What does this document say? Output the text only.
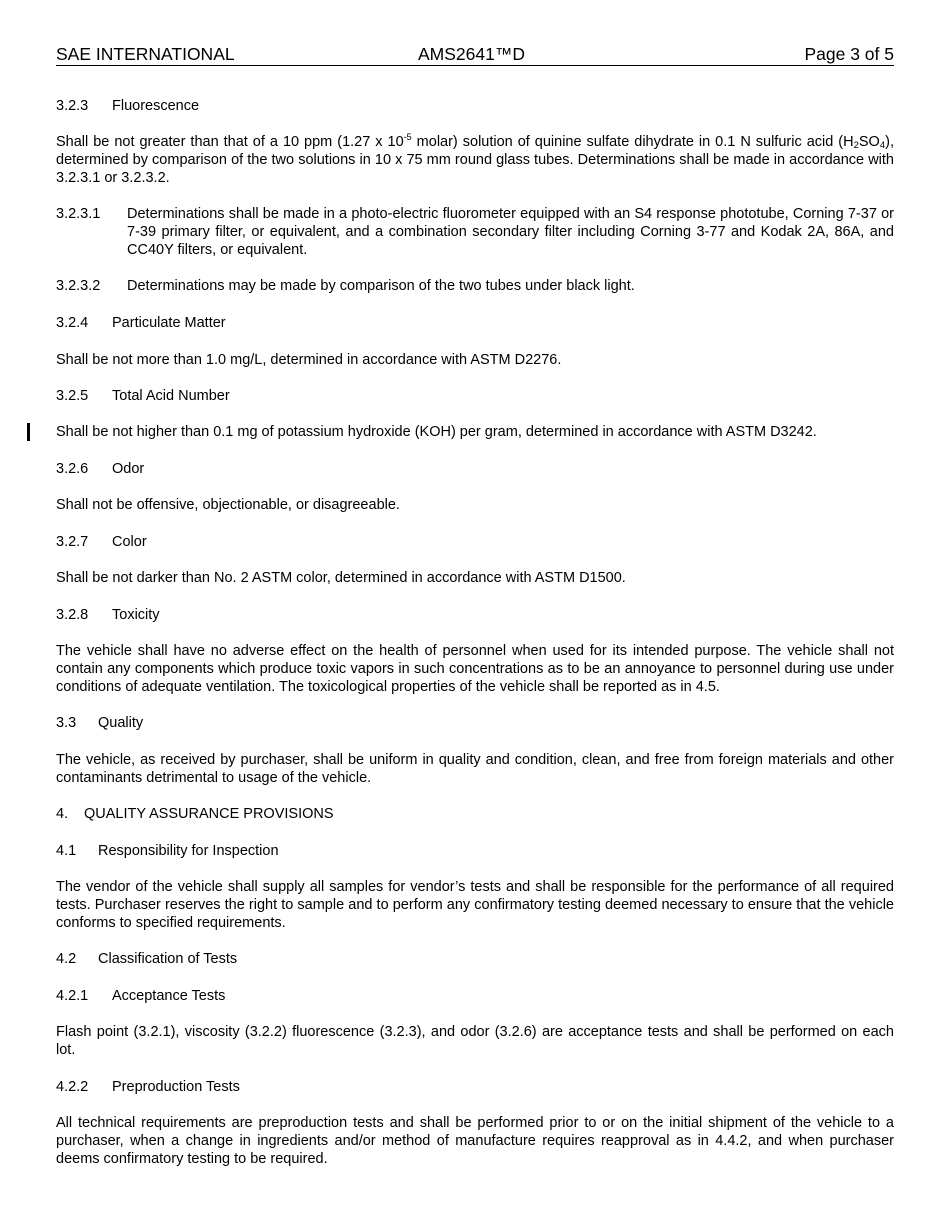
SAE INTERNATIONAL	AMS2641™D	Page 3 of 5
3.2.3 Fluorescence
Shall be not greater than that of a 10 ppm (1.27 x $10^{-5}$ molar) solution of quinine sulfate dihydrate in 0.1 N sulfuric acid $(H_2SO_4)$, determined by comparison of the two solutions in 10 x 75 mm round glass tubes. Determinations shall be made in accordance with 3.2.3.1 or 3.2.3.2.
3.2.3.1 Determinations shall be made in a photo-electric fluorometer equipped with an S4 response phototube, Corning 7-37 or 7-39 primary filter, or equivalent, and a combination secondary filter including Corning 3-77 and Kodak 2A, 86A, and CC40Y filters, or equivalent.
3.2.3.2 Determinations may be made by comparison of the two tubes under black light.
3.2.4 Particulate Matter
Shall be not more than 1.0 mg/L, determined in accordance with ASTM D2276.
3.2.5 Total Acid Number
Shall be not higher than 0.1 mg of potassium hydroxide (KOH) per gram, determined in accordance with ASTM D3242.
3.2.6 Odor
Shall not be offensive, objectionable, or disagreeable.
3.2.7 Color
Shall be not darker than No. 2 ASTM color, determined in accordance with ASTM D1500.
3.2.8 Toxicity
The vehicle shall have no adverse effect on the health of personnel when used for its intended purpose. The vehicle shall not contain any components which produce toxic vapors in such concentrations as to be an annoyance to personnel during use under conditions of adequate ventilation. The toxicological properties of the vehicle shall be reported as in 4.5.
3.3 Quality
The vehicle, as received by purchaser, shall be uniform in quality and condition, clean, and free from foreign materials and other contaminants detrimental to usage of the vehicle.
4. QUALITY ASSURANCE PROVISIONS
4.1 Responsibility for Inspection
The vendor of the vehicle shall supply all samples for vendor’s tests and shall be responsible for the performance of all required tests. Purchaser reserves the right to sample and to perform any confirmatory testing deemed necessary to ensure that the vehicle conforms to specified requirements.
4.2 Classification of Tests
4.2.1 Acceptance Tests
Flash point (3.2.1), viscosity (3.2.2) fluorescence (3.2.3), and odor (3.2.6) are acceptance tests and shall be performed on each lot.
4.2.2 Preproduction Tests
All technical requirements are preproduction tests and shall be performed prior to or on the initial shipment of the vehicle to a purchaser, when a change in ingredients and/or method of manufacture requires reapproval as in 4.4.2, and when purchaser deems confirmatory testing to be required.
